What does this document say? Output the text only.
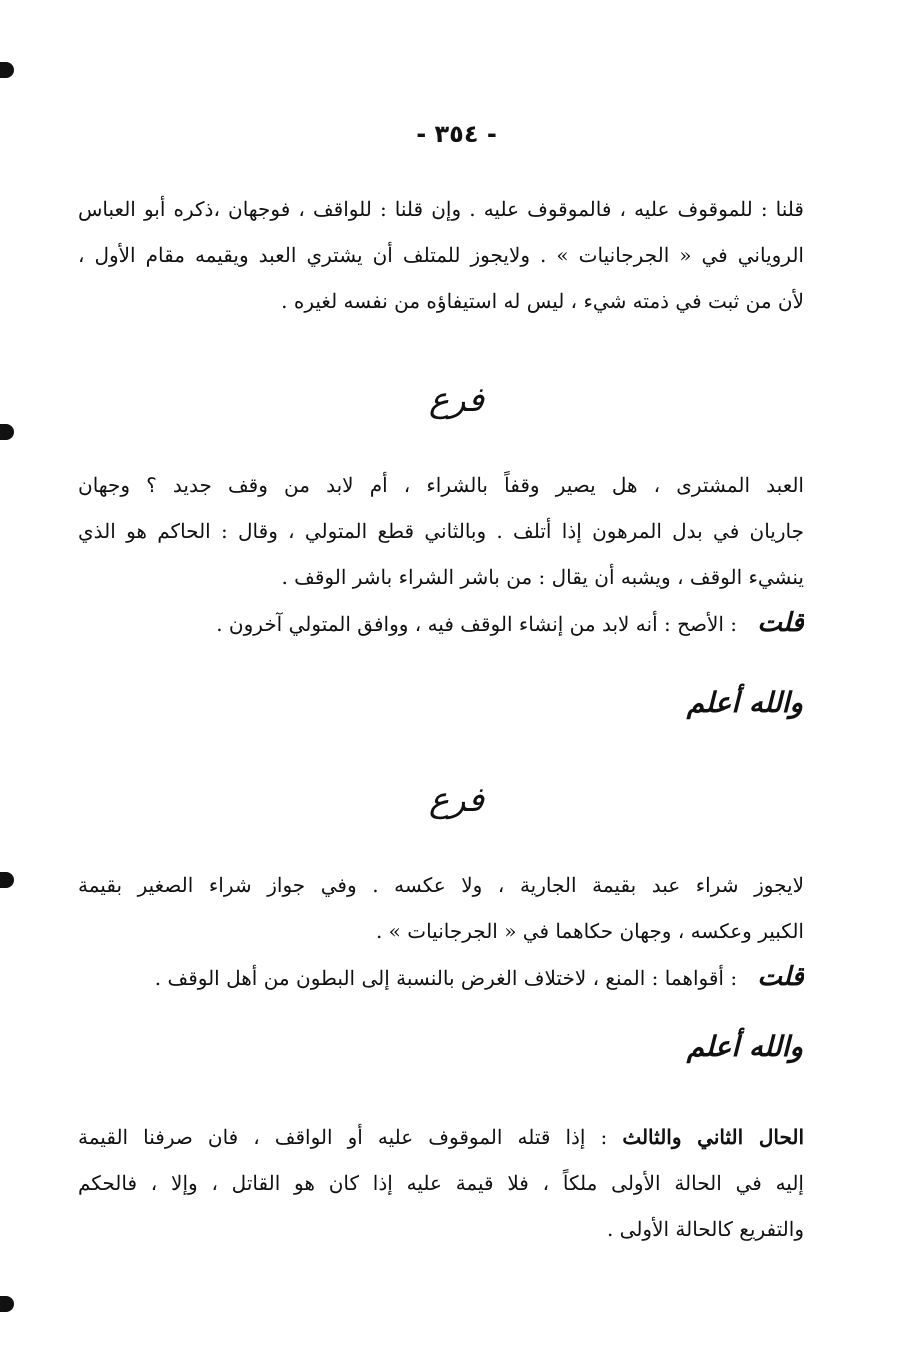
- ٣٥٤ -
قلنا : للموقوف عليه ، فالموقوف عليه . وإن قلنا : للواقف ، فوجهان ،ذكره أبو العباس
الروياني في « الجرجانيات » . ولايجوز للمتلف أن يشتري العبد ويقيمه مقام الأول ،
لأن من ثبت في ذمته شيء ، ليس له استيفاؤه من نفسه لغيره .
فرع
العبد المشترى ، هل يصير وقفاً بالشراء ، أم لابد من وقف جديد ؟ وجهان
جاريان في بدل المرهون إذا أتلف . وبالثاني قطع المتولي ، وقال : الحاكم هو الذي
ينشيء الوقف ، ويشبه أن يقال : من باشر الشراء باشر الوقف .
قلت : الأصح : أنه لابد من إنشاء الوقف فيه ، ووافق المتولي آخرون .
والله أعلم
فرع
لايجوز شراء عبد بقيمة الجارية ، ولا عكسه . وفي جواز شراء الصغير بقيمة
الكبير وعكسه ، وجهان حكاهما في « الجرجانيات » .
قلت : أقواهما : المنع ، لاختلاف الغرض بالنسبة إلى البطون من أهل الوقف .
والله أعلم
الحال الثاني والثالث : إذا قتله الموقوف عليه أو الواقف ، فان صرفنا القيمة
إليه في الحالة الأولى ملكاً ، فلا قيمة عليه إذا كان هو القاتل ، وإلا ، فالحكم
والتفريع كالحالة الأولى .
